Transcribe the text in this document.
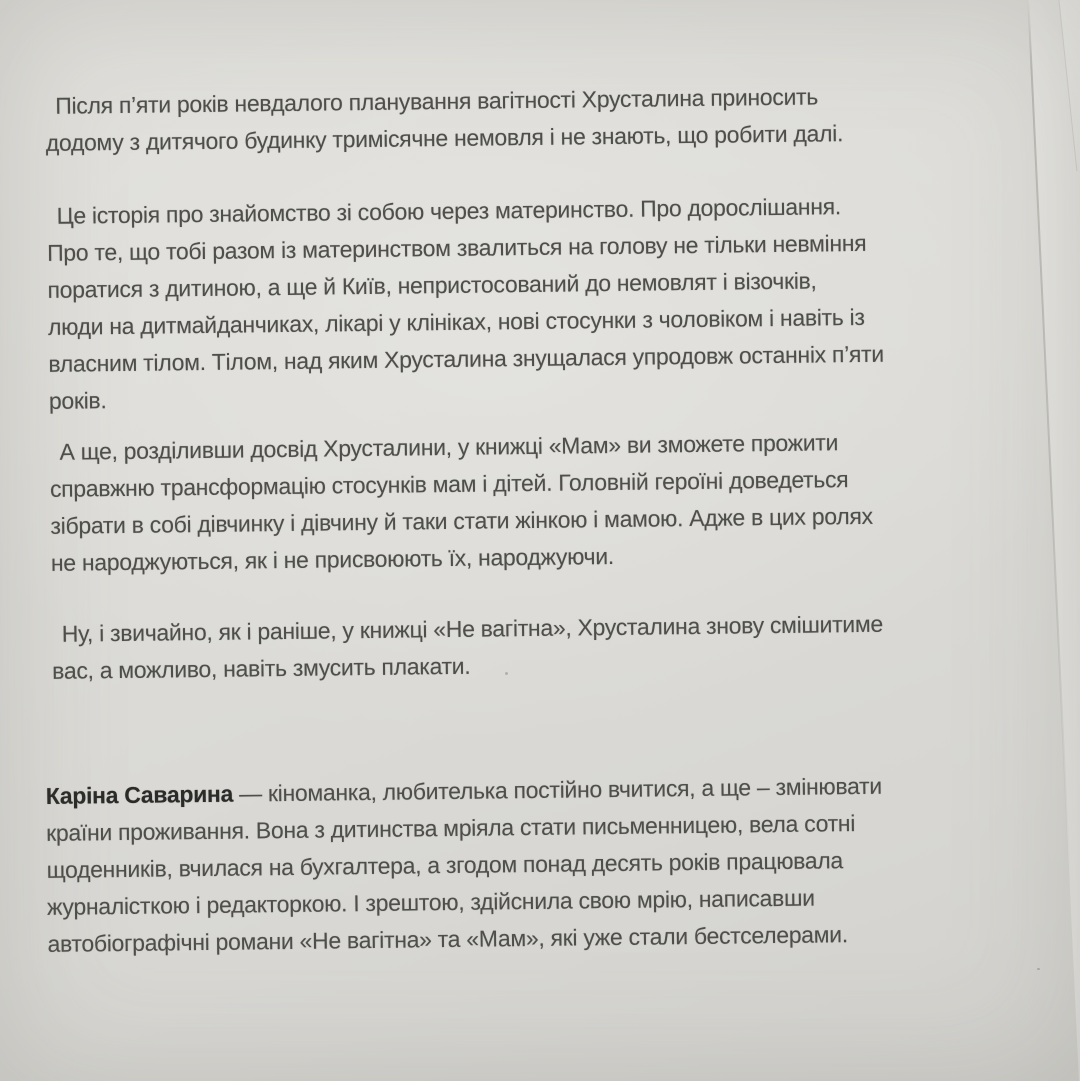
Після п’яти років невдалого планування вагітності Хрусталина приносить
додому з дитячого будинку тримісячне немовля і не знають, що робити далі.

Це історія про знайомство зі собою через материнство. Про дорослішання.
Про те, що тобі разом із материнством звалиться на голову не тільки невміння
поратися з дитиною, а ще й Київ, непристосований до немовлят і візочків,
люди на дитмайданчиках, лікарі у клініках, нові стосунки з чоловіком і навіть із
власним тілом. Тілом, над яким Хрусталина знущалася упродовж останніх п’яти
років.

А ще, розділивши досвід Хрусталини, у книжці «Мам» ви зможете прожити
справжню трансформацію стосунків мам і дітей. Головній героїні доведеться
зібрати в собі дівчинку і дівчину й таки стати жінкою і мамою. Адже в цих ролях
не народжуються, як і не присвоюють їх, народжуючи.

Ну, і звичайно, як і раніше, у книжці «Не вагітна», Хрусталина знову смішитиме
вас, а можливо, навіть змусить плакати.

Каріна Саварина — кіноманка, любителька постійно вчитися, а ще – змінювати
країни проживання. Вона з дитинства мріяла стати письменницею, вела сотні
щоденників, вчилася на бухгалтера, а згодом понад десять років працювала
журналісткою і редакторкою. І зрештою, здійснила свою мрію, написавши
автобіографічні романи «Не вагітна» та «Мам», які уже стали бестселерами.
